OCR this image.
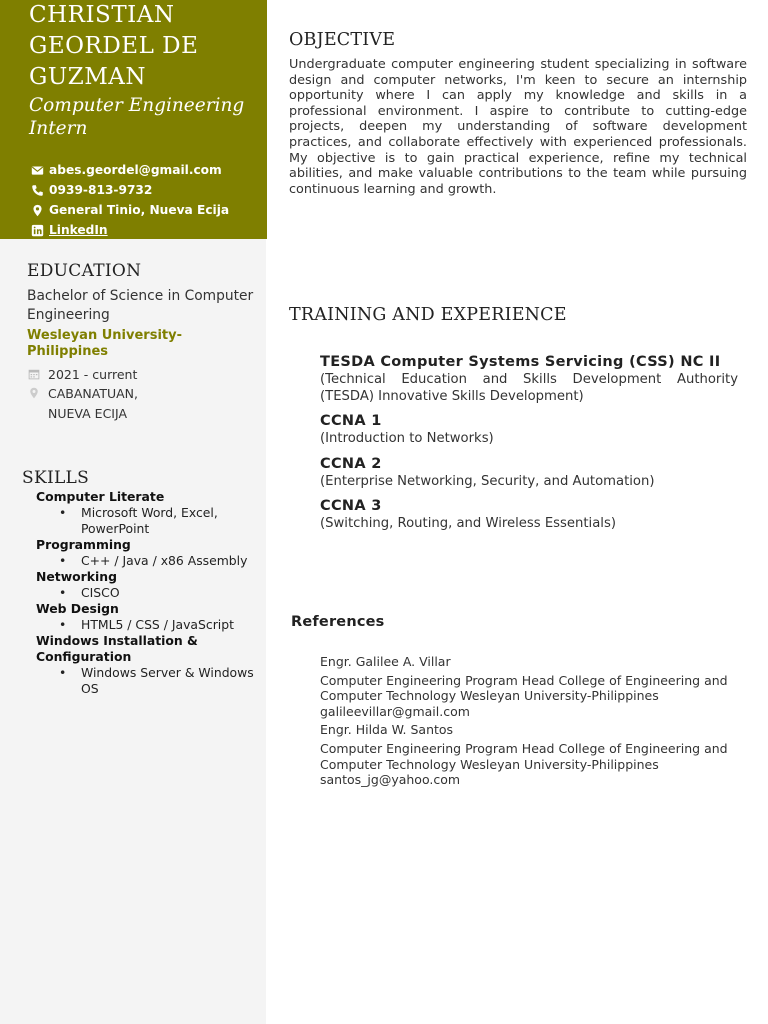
CHRISTIAN
GEORDEL DE
GUZMAN
Computer Engineering Intern
abes.geordel@gmail.com
0939-813-9732
General Tinio, Nueva Ecija
LinkedIn
EDUCATION
Bachelor of Science in Computer Engineering
Wesleyan University-Philippines
2021 - current
CABANATUAN,
NUEVA ECIJA
SKILLS
Computer Literate
• Microsoft Word, Excel, PowerPoint
Programming
• C++ / Java / x86 Assembly
Networking
• CISCO
Web Design
• HTML5 / CSS / JavaScript
Windows Installation & Configuration
• Windows Server & Windows OS
OBJECTIVE
Undergraduate computer engineering student specializing in software design and computer networks, I'm keen to secure an internship opportunity where I can apply my knowledge and skills in a professional environment. I aspire to contribute to cutting-edge projects, deepen my understanding of software development practices, and collaborate effectively with experienced professionals. My objective is to gain practical experience, refine my technical abilities, and make valuable contributions to the team while pursuing continuous learning and growth.
TRAINING AND EXPERIENCE
TESDA Computer Systems Servicing (CSS) NC II
(Technical Education and Skills Development Authority (TESDA) Innovative Skills Development)
CCNA 1
(Introduction to Networks)
CCNA 2
(Enterprise Networking, Security, and Automation)
CCNA 3
(Switching, Routing, and Wireless Essentials)
References
Engr. Galilee A. Villar
Computer Engineering Program Head College of Engineering and Computer Technology Wesleyan University-Philippines
galileevillar@gmail.com
Engr. Hilda W. Santos
Computer Engineering Program Head College of Engineering and Computer Technology Wesleyan University-Philippines
santos_jg@yahoo.com
